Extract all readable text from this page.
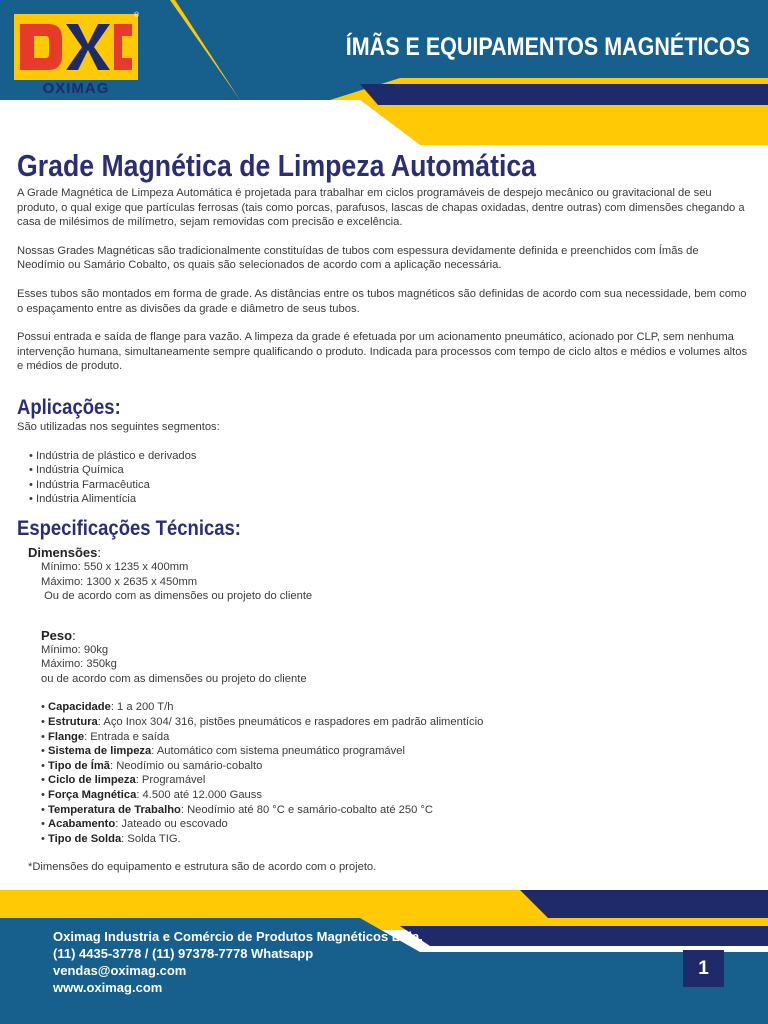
®
OXIMAG
ÍMÃS E EQUIPAMENTOS MAGNÉTICOS
Grade Magnética de Limpeza Automática

A Grade Magnética de Limpeza Automática é projetada para trabalhar em ciclos programáveis de despejo mecânico ou gravitacional de seu produto, o qual exige que partículas ferrosas (tais como porcas, parafusos, lascas de chapas oxidadas, dentre outras) com dimensões chegando a casa de milésimos de milímetro, sejam removidas com precisão e excelência.

Nossas Grades Magnéticas são tradicionalmente constituídas de tubos com espessura devidamente definida e preenchidos com Ímãs de Neodímio ou Samário Cobalto, os quais são selecionados de acordo com a aplicação necessária.

Esses tubos são montados em forma de grade. As distâncias entre os tubos magnéticos são definidas de acordo com sua necessidade, bem como o espaçamento entre as divisões da grade e diâmetro de seus tubos.

Possui entrada e saída de flange para vazão. A limpeza da grade é efetuada por um acionamento pneumático, acionado por CLP, sem nenhuma intervenção humana, simultaneamente sempre qualificando o produto. Indicada para processos com tempo de ciclo altos e médios e volumes altos e médios de produto.

Aplicações:
São utilizadas nos seguintes segmentos:
• Indústria de plástico e derivados
• Indústria Química
• Indústria Farmacêutica
• Indústria Alimentícia
Especificações Técnicas:
Dimensões:
Mínimo: 550 x 1235 x 400mm
Máximo: 1300 x 2635 x 450mm
Ou de acordo com as dimensões ou projeto do cliente
Peso:
Mínimo: 90kg
Máximo: 350kg
ou de acordo com as dimensões ou projeto do cliente
• Capacidade: 1 a 200 T/h
• Estrutura: Aço Inox 304/ 316, pistões pneumáticos e raspadores em padrão alimentício
• Flange: Entrada e saída
• Sistema de limpeza: Automático com sistema pneumático programável
• Tipo de Ímã: Neodímio ou samário-cobalto
• Ciclo de limpeza: Programável
• Força Magnética: 4.500 até 12.000 Gauss
• Temperatura de Trabalho: Neodímio até 80 °C e samário-cobalto até 250 °C
• Acabamento: Jateado ou escovado
• Tipo de Solda: Solda TIG.
*Dimensões do equipamento e estrutura são de acordo com o projeto.
Oximag Industria e Comércio de Produtos Magnéticos Ltda.
(11) 4435-3778 / (11) 97378-7778 Whatsapp
vendas@oximag.com
www.oximag.com
1
